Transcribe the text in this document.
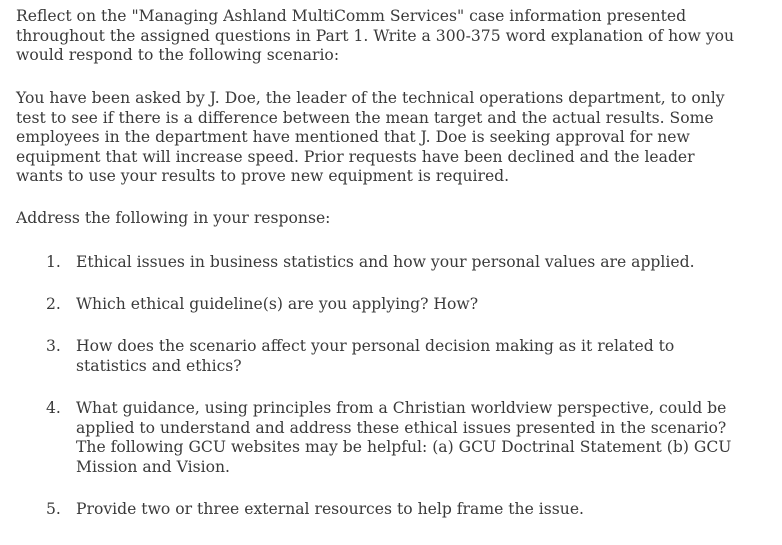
Reflect on the "Managing Ashland MultiComm Services" case information presented
throughout the assigned questions in Part 1. Write a 300-375 word explanation of how you
would respond to the following scenario:

You have been asked by J. Doe, the leader of the technical operations department, to only
test to see if there is a difference between the mean target and the actual results. Some
employees in the department have mentioned that J. Doe is seeking approval for new
equipment that will increase speed. Prior requests have been declined and the leader
wants to use your results to prove new equipment is required.

Address the following in your response:

1. Ethical issues in business statistics and how your personal values are applied.
2. Which ethical guideline(s) are you applying? How?
3. How does the scenario affect your personal decision making as it related to
statistics and ethics?
4. What guidance, using principles from a Christian worldview perspective, could be
applied to understand and address these ethical issues presented in the scenario?
The following GCU websites may be helpful: (a) GCU Doctrinal Statement (b) GCU
Mission and Vision.
5. Provide two or three external resources to help frame the issue.
